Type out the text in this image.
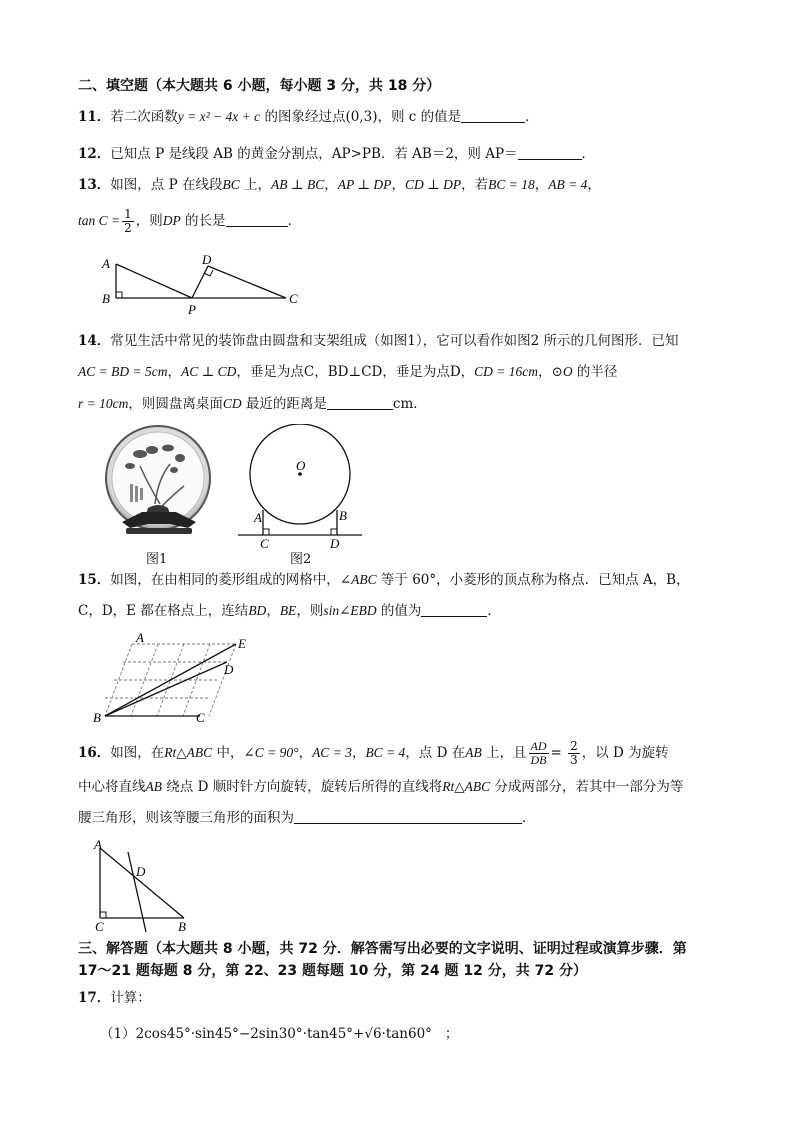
二、填空题（本大题共 6 小题，每小题 3 分，共 18 分）
11．若二次函数y = x² − 4x + c 的图象经过点(0,3)，则 c 的值是	．
12．已知点 P 是线段 AB 的黄金分割点，AP>PB．若 AB＝2，则 AP＝	．
13．如图，点 P 在线段BC 上，AB ⊥ BC，AP ⊥ DP，CD ⊥ DP，若BC = 18，AB = 4，
$\tan C = \frac{1}{2}$ ，则DP 的长是	．
A
B
P
D
C
14．常见生活中常见的装饰盘由圆盘和支架组成（如图1），它可以看作如图2 所示的几何图形．已知
AC = BD = 5cm，AC ⊥ CD，垂足为点C，BD⊥CD，垂足为点D，CD = 16cm，⊙O 的半径
r = 10cm，则圆盘离桌面CD 最近的距离是	cm．
图1
O
A	B
C	D
图2
15．如图，在由相同的菱形组成的网格中，∠ABC 等于 60°，小菱形的顶点称为格点．已知点 A，B，
C，D，E 都在格点上，连结BD，BE，则sin∠EBD 的值为	．
A	E
D
B	C
16．如图，在Rt△ABC 中，∠C = 90°，AC = 3，BC = 4，点 D 在AB 上，且 $\frac{AD}{DB} = \frac{2}{3}$ ，以 D 为旋转
中心将直线AB 绕点 D 顺时针方向旋转，旋转后所得的直线将Rt△ABC 分成两部分，若其中一部分为等
腰三角形，则该等腰三角形的面积为	．
A
D
C	B
三、解答题（本大题共 8 小题，共 72 分．解答需写出必要的文字说明、证明过程或演算步骤．第
17～21 题每题 8 分，第 22、23 题每题 10 分，第 24 题 12 分，共 72 分）
17．计算：
（1）2cos45°·sin45°−2sin30°·tan45°+√6·tan60° ；
